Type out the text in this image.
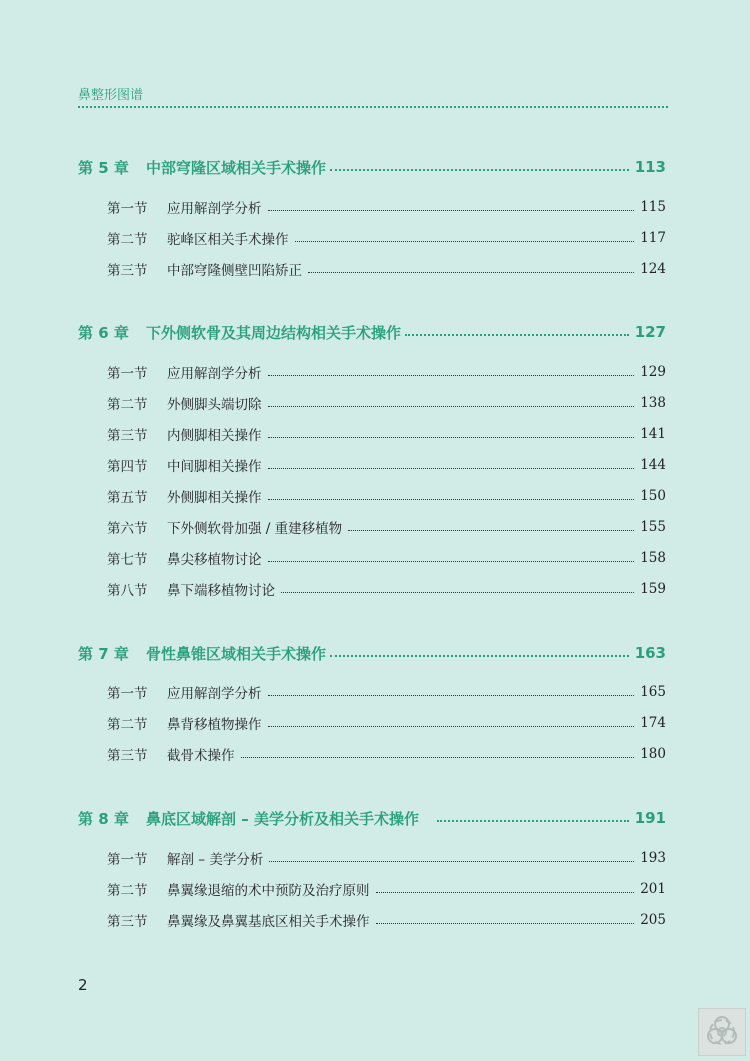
鼻整形图谱
第 5 章	中部穹隆区域相关手术操作	113
第一节	应用解剖学分析	115
第二节	驼峰区相关手术操作	117
第三节	中部穹隆侧壁凹陷矫正	124
第 6 章	下外侧软骨及其周边结构相关手术操作	127
第一节	应用解剖学分析	129
第二节	外侧脚头端切除	138
第三节	内侧脚相关操作	141
第四节	中间脚相关操作	144
第五节	外侧脚相关操作	150
第六节	下外侧软骨加强 / 重建移植物	155
第七节	鼻尖移植物讨论	158
第八节	鼻下端移植物讨论	159
第 7 章	骨性鼻锥区域相关手术操作	163
第一节	应用解剖学分析	165
第二节	鼻背移植物操作	174
第三节	截骨术操作	180
第 8 章	鼻底区域解剖 – 美学分析及相关手术操作	191
第一节	解剖 – 美学分析	193
第二节	鼻翼缘退缩的术中预防及治疗原则	201
第三节	鼻翼缘及鼻翼基底区相关手术操作	205
2
